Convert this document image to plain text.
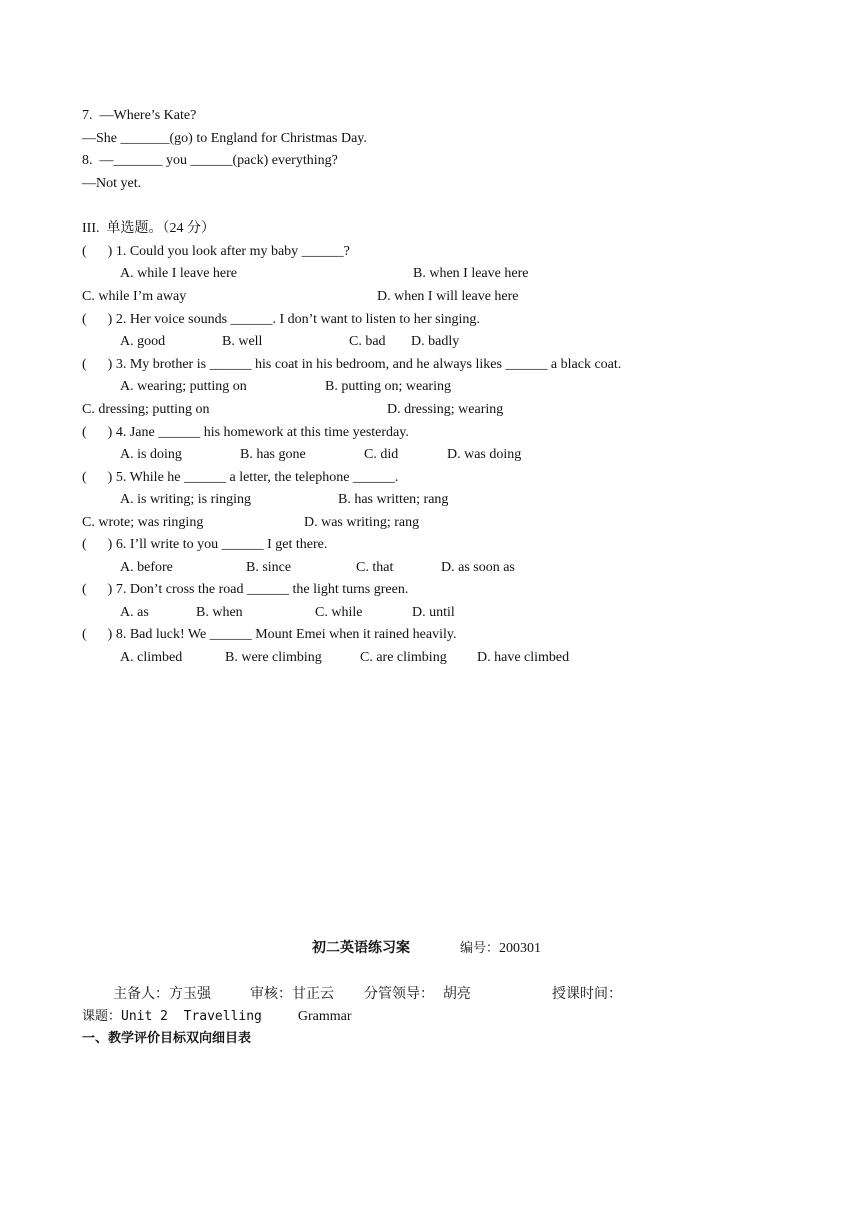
7.  —Where’s Kate?
—She _______(go) to England for Christmas Day.
8.  —_______ you ______(pack) everything?
—Not yet.
III.  单选题。（24 分）
(      ) 1. Could you look after my baby ______?
A. while I leave here	B. when I leave here
C. while I’m away	D. when I will leave here
(      ) 2. Her voice sounds ______. I don’t want to listen to her singing.
A. good	B. well	C. bad D. badly
(      ) 3. My brother is ______ his coat in his bedroom, and he always likes ______ a black coat.
A. wearing; putting on	B. putting on; wearing
C. dressing; putting on	D. dressing; wearing
(      ) 4. Jane ______ his homework at this time yesterday.
A. is doing	B. has gone	C. did	D. was doing
(      ) 5. While he ______ a letter, the telephone ______.
A. is writing; is ringing	B. has written; rang
C. wrote; was ringing	D. was writing; rang
(      ) 6. I’ll write to you ______ I get there.
A. before	B. since	C. that	D. as soon as
(      ) 7. Don’t cross the road ______ the light turns green.
A. as	B. when	C. while	D. until
(      ) 8. Bad luck! We ______ Mount Emei when it rained heavily.
A. climbed	B. were climbing	C. are climbing D. have climbed
初二英语练习案	编号：200301
主备人：方玉强	审核：甘正云 分管领导：  胡亮	授课时间：
课题：Unit 2  Travelling	Grammar
一、教学评价目标双向细目表
